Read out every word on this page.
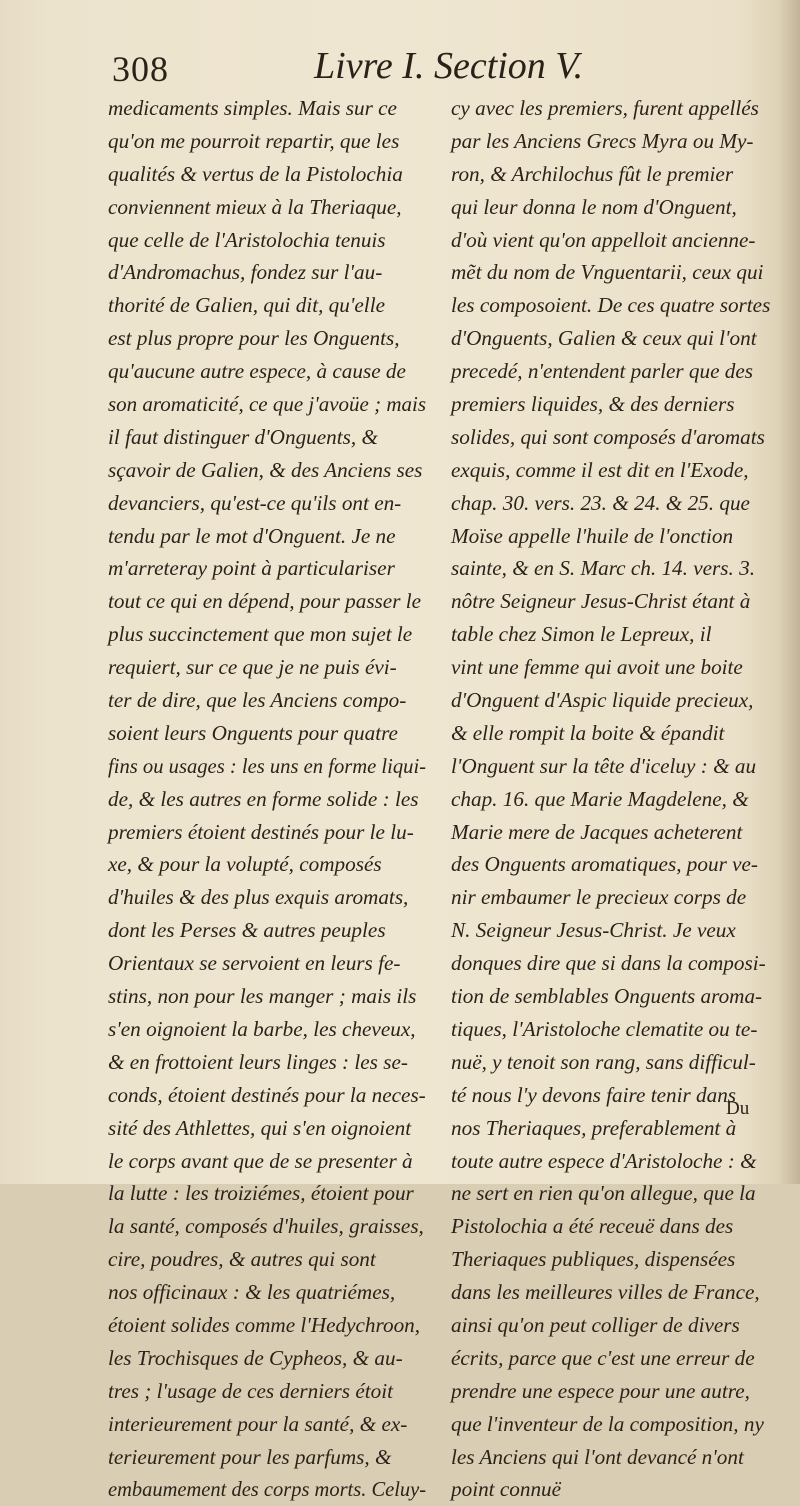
308	Livre I. Section V.
medicaments simples. Mais sur ce
qu'on me pourroit repartir, que les
qualités & vertus de la Pistolochia
conviennent mieux à la Theriaque,
que celle de l'Aristolochia tenuis
d'Andromachus, fondez sur l'au-
thorité de Galien, qui dit, qu'elle
est plus propre pour les Onguents,
qu'aucune autre espece, à cause de
son aromaticité, ce que j'avoüe ; mais
il faut distinguer d'Onguents, &
sçavoir de Galien, & des Anciens ses
devanciers, qu'est-ce qu'ils ont en-
tendu par le mot d'Onguent. Je ne
m'arreteray point à particulariser
tout ce qui en dépend, pour passer le
plus succinctement que mon sujet le
requiert, sur ce que je ne puis évi-
ter de dire, que les Anciens compo-
soient leurs Onguents pour quatre
fins ou usages : les uns en forme liqui-
de, & les autres en forme solide : les
premiers étoient destinés pour le lu-
xe, & pour la volupté, composés
d'huiles & des plus exquis aromats,
dont les Perses & autres peuples
Orientaux se servoient en leurs fe-
stins, non pour les manger ; mais ils
s'en oignoient la barbe, les cheveux,
& en frottoient leurs linges : les se-
conds, étoient destinés pour la neces-
sité des Athlettes, qui s'en oignoient
le corps avant que de se presenter à
la lutte : les troiziémes, étoient pour
la santé, composés d'huiles, graisses,
cire, poudres, & autres qui sont
nos officinaux : & les quatriémes,
étoient solides comme l'Hedychroon,
les Trochisques de Cypheos, & au-
tres ; l'usage de ces derniers étoit
interieurement pour la santé, & ex-
terieurement pour les parfums, &
embaumement des corps morts. Celuy-
cy avec les premiers, furent appellés
par les Anciens Grecs Myra ou My-
ron, & Archilochus fût le premier
qui leur donna le nom d'Onguent,
d'où vient qu'on appelloit ancienne-
mẽt du nom de Vnguentarii, ceux qui
les composoient. De ces quatre sortes
d'Onguents, Galien & ceux qui l'ont
precedé, n'entendent parler que des
premiers liquides, & des derniers
solides, qui sont composés d'aromats
exquis, comme il est dit en l'Exode,
chap. 30. vers. 23. & 24. & 25. que
Moïse appelle l'huile de l'onction
sainte, & en S. Marc ch. 14. vers. 3.
nôtre Seigneur Jesus-Christ étant à
table chez Simon le Lepreux, il
vint une femme qui avoit une boite
d'Onguent d'Aspic liquide precieux,
& elle rompit la boite & épandit
l'Onguent sur la tête d'iceluy : & au
chap. 16. que Marie Magdelene, &
Marie mere de Jacques acheterent
des Onguents aromatiques, pour ve-
nir embaumer le precieux corps de
N. Seigneur Jesus-Christ. Je veux
donques dire que si dans la composi-
tion de semblables Onguents aroma-
tiques, l'Aristoloche clematite ou te-
nuë, y tenoit son rang, sans difficul-
té nous l'y devons faire tenir dans
nos Theriaques, preferablement à
toute autre espece d'Aristoloche : &
ne sert en rien qu'on allegue, que la
Pistolochia a été receuë dans des
Theriaques publiques, dispensées
dans les meilleures villes de France,
ainsi qu'on peut colliger de divers
écrits, parce que c'est une erreur de
prendre une espece pour une autre,
que l'inventeur de la composition, ny
les Anciens qui l'ont devancé n'ont
point connuë
Du
